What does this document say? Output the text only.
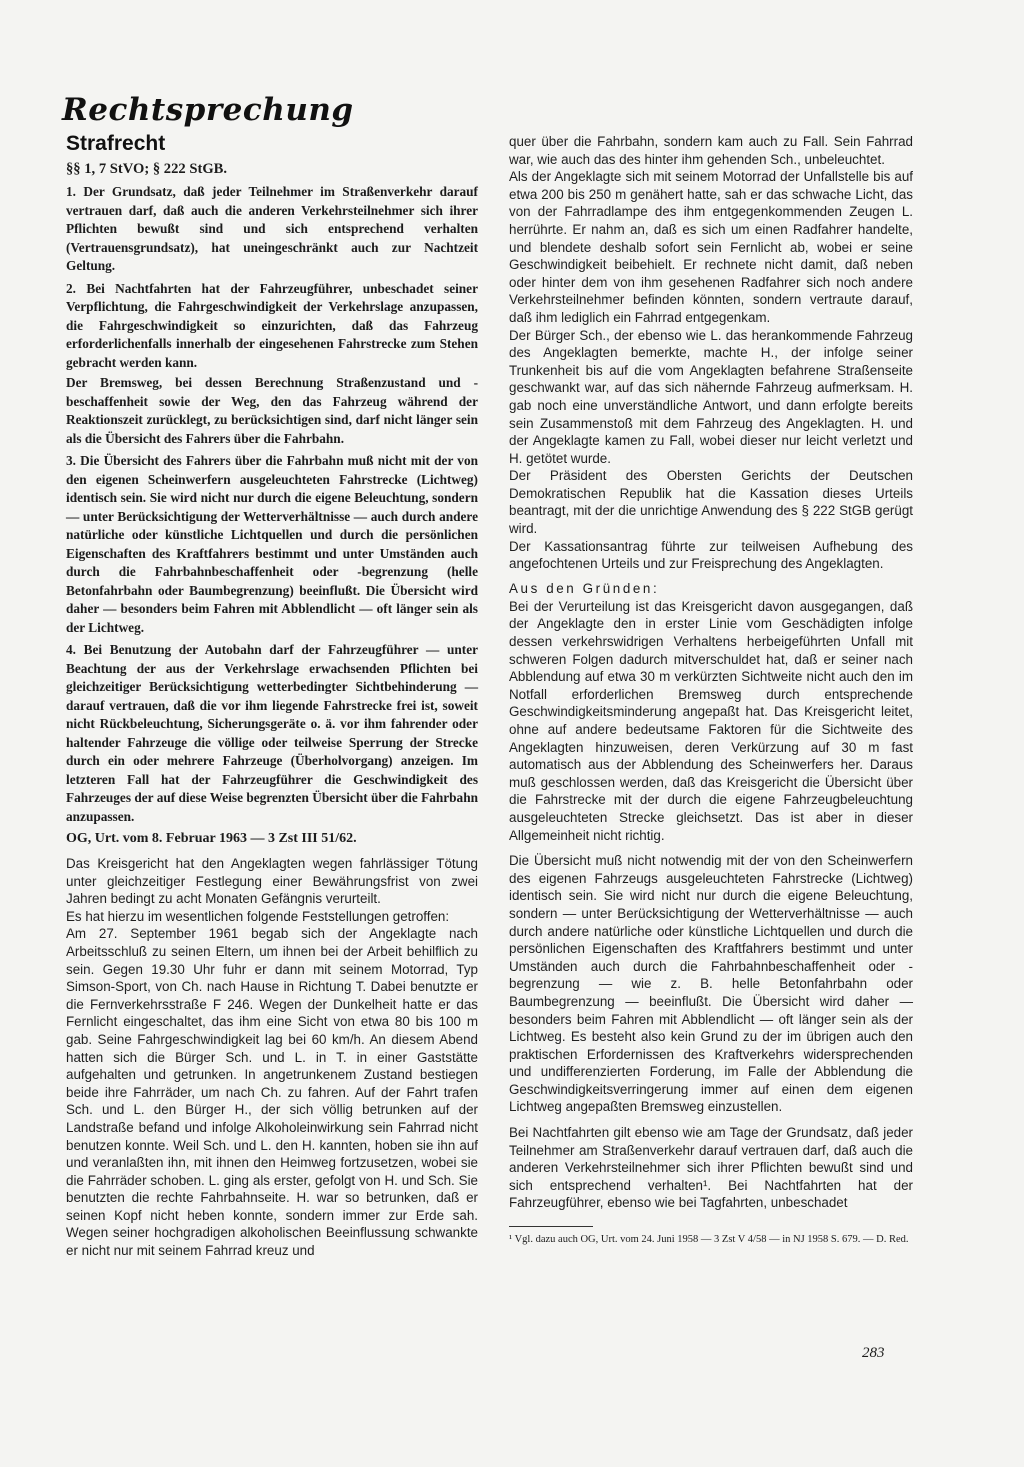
Rechtsprechung
Strafrecht
§§ 1, 7 StVO; § 222 StGB.

1. Der Grundsatz, daß jeder Teilnehmer im Straßenverkehr darauf vertrauen darf, daß auch die anderen Verkehrsteilnehmer sich ihrer Pflichten bewußt sind und sich entsprechend verhalten (Vertrauensgrundsatz), hat uneingeschränkt auch zur Nachtzeit Geltung.

2. Bei Nachtfahrten hat der Fahrzeugführer, unbeschadet seiner Verpflichtung, die Fahrgeschwindigkeit der Verkehrslage anzupassen, die Fahrgeschwindigkeit so einzurichten, daß das Fahrzeug erforderlichenfalls innerhalb der eingesehenen Fahrstrecke zum Stehen gebracht werden kann.

Der Bremsweg, bei dessen Berechnung Straßenzustand und -beschaffenheit sowie der Weg, den das Fahrzeug während der Reaktionszeit zurücklegt, zu berücksichtigen sind, darf nicht länger sein als die Übersicht des Fahrers über die Fahrbahn.

3. Die Übersicht des Fahrers über die Fahrbahn muß nicht mit der von den eigenen Scheinwerfern ausgeleuchteten Fahrstrecke (Lichtweg) identisch sein. Sie wird nicht nur durch die eigene Beleuchtung, sondern — unter Berücksichtigung der Wetterverhältnisse — auch durch andere natürliche oder künstliche Lichtquellen und durch die persönlichen Eigenschaften des Kraftfahrers bestimmt und unter Umständen auch durch die Fahrbahnbeschaffenheit oder -begrenzung (helle Betonfahrbahn oder Baumbegrenzung) beeinflußt. Die Übersicht wird daher — besonders beim Fahren mit Abblendlicht — oft länger sein als der Lichtweg.

4. Bei Benutzung der Autobahn darf der Fahrzeugführer — unter Beachtung der aus der Verkehrslage erwachsenden Pflichten bei gleichzeitiger Berücksichtigung wetterbedingter Sichtbehinderung — darauf vertrauen, daß die vor ihm liegende Fahrstrecke frei ist, soweit nicht Rückbeleuchtung, Sicherungsgeräte o. ä. vor ihm fahrender oder haltender Fahrzeuge die völlige oder teilweise Sperrung der Strecke durch ein oder mehrere Fahrzeuge (Überholvorgang) anzeigen. Im letzteren Fall hat der Fahrzeugführer die Geschwindigkeit des Fahrzeuges der auf diese Weise begrenzten Übersicht über die Fahrbahn anzupassen.

OG, Urt. vom 8. Februar 1963 — 3 Zst III 51/62.

Das Kreisgericht hat den Angeklagten wegen fahrlässiger Tötung unter gleichzeitiger Festlegung einer Bewährungsfrist von zwei Jahren bedingt zu acht Monaten Gefängnis verurteilt.

Es hat hierzu im wesentlichen folgende Feststellungen getroffen:

Am 27. September 1961 begab sich der Angeklagte nach Arbeitsschluß zu seinen Eltern, um ihnen bei der Arbeit behilflich zu sein. Gegen 19.30 Uhr fuhr er dann mit seinem Motorrad, Typ Simson-Sport, von Ch. nach Hause in Richtung T. Dabei benutzte er die Fernverkehrsstraße F 246. Wegen der Dunkelheit hatte er das Fernlicht eingeschaltet, das ihm eine Sicht von etwa 80 bis 100 m gab. Seine Fahrgeschwindigkeit lag bei 60 km/h. An diesem Abend hatten sich die Bürger Sch. und L. in T. in einer Gaststätte aufgehalten und getrunken. In angetrunkenem Zustand bestiegen beide ihre Fahrräder, um nach Ch. zu fahren. Auf der Fahrt trafen Sch. und L. den Bürger H., der sich völlig betrunken auf der Landstraße befand und infolge Alkoholeinwirkung sein Fahrrad nicht benutzen konnte. Weil Sch. und L. den H. kannten, hoben sie ihn auf und veranlaßten ihn, mit ihnen den Heimweg fortzusetzen, wobei sie die Fahrräder schoben. L. ging als erster, gefolgt von H. und Sch. Sie benutzten die rechte Fahrbahnseite. H. war so betrunken, daß er seinen Kopf nicht heben konnte, sondern immer zur Erde sah. Wegen seiner hochgradigen alkoholischen Beeinflussung schwankte er nicht nur mit seinem Fahrrad kreuz und

quer über die Fahrbahn, sondern kam auch zu Fall. Sein Fahrrad war, wie auch das des hinter ihm gehenden Sch., unbeleuchtet.

Als der Angeklagte sich mit seinem Motorrad der Unfallstelle bis auf etwa 200 bis 250 m genähert hatte, sah er das schwache Licht, das von der Fahrradlampe des ihm entgegenkommenden Zeugen L. herrührte. Er nahm an, daß es sich um einen Radfahrer handelte, und blendete deshalb sofort sein Fernlicht ab, wobei er seine Geschwindigkeit beibehielt. Er rechnete nicht damit, daß neben oder hinter dem von ihm gesehenen Radfahrer sich noch andere Verkehrsteilnehmer befinden könnten, sondern vertraute darauf, daß ihm lediglich ein Fahrrad entgegenkam.

Der Bürger Sch., der ebenso wie L. das herankommende Fahrzeug des Angeklagten bemerkte, machte H., der infolge seiner Trunkenheit bis auf die vom Angeklagten befahrene Straßenseite geschwankt war, auf das sich nähernde Fahrzeug aufmerksam. H. gab noch eine unverständliche Antwort, und dann erfolgte bereits sein Zusammenstoß mit dem Fahrzeug des Angeklagten. H. und der Angeklagte kamen zu Fall, wobei dieser nur leicht verletzt und H. getötet wurde.

Der Präsident des Obersten Gerichts der Deutschen Demokratischen Republik hat die Kassation dieses Urteils beantragt, mit der die unrichtige Anwendung des § 222 StGB gerügt wird.

Der Kassationsantrag führte zur teilweisen Aufhebung des angefochtenen Urteils und zur Freisprechung des Angeklagten.

Aus den Gründen:

Bei der Verurteilung ist das Kreisgericht davon ausgegangen, daß der Angeklagte den in erster Linie vom Geschädigten infolge dessen verkehrswidrigen Verhaltens herbeigeführten Unfall mit schweren Folgen dadurch mitverschuldet hat, daß er seiner nach Abblendung auf etwa 30 m verkürzten Sichtweite nicht auch den im Notfall erforderlichen Bremsweg durch entsprechende Geschwindigkeitsminderung angepaßt hat. Das Kreisgericht leitet, ohne auf andere bedeutsame Faktoren für die Sichtweite des Angeklagten hinzuweisen, deren Verkürzung auf 30 m fast automatisch aus der Abblendung des Scheinwerfers her. Daraus muß geschlossen werden, daß das Kreisgericht die Übersicht über die Fahrstrecke mit der durch die eigene Fahrzeugbeleuchtung ausgeleuchteten Strecke gleichsetzt. Das ist aber in dieser Allgemeinheit nicht richtig.

Die Übersicht muß nicht notwendig mit der von den Scheinwerfern des eigenen Fahrzeugs ausgeleuchteten Fahrstrecke (Lichtweg) identisch sein. Sie wird nicht nur durch die eigene Beleuchtung, sondern — unter Berücksichtigung der Wetterverhältnisse — auch durch andere natürliche oder künstliche Lichtquellen und durch die persönlichen Eigenschaften des Kraftfahrers bestimmt und unter Umständen auch durch die Fahrbahnbeschaffenheit oder -begrenzung — wie z. B. helle Betonfahrbahn oder Baumbegrenzung — beeinflußt. Die Übersicht wird daher — besonders beim Fahren mit Abblendlicht — oft länger sein als der Lichtweg. Es besteht also kein Grund zu der im übrigen auch den praktischen Erfordernissen des Kraftverkehrs widersprechenden und undifferenzierten Forderung, im Falle der Abblendung die Geschwindigkeitsverringerung immer auf einen dem eigenen Lichtweg angepaßten Bremsweg einzustellen.

Bei Nachtfahrten gilt ebenso wie am Tage der Grundsatz, daß jeder Teilnehmer am Straßenverkehr darauf vertrauen darf, daß auch die anderen Verkehrsteilnehmer sich ihrer Pflichten bewußt sind und sich entsprechend verhalten¹. Bei Nachtfahrten hat der Fahrzeugführer, ebenso wie bei Tagfahrten, unbeschadet

¹ Vgl. dazu auch OG, Urt. vom 24. Juni 1958 — 3 Zst V 4/58 — in NJ 1958 S. 679. — D. Red.

283
